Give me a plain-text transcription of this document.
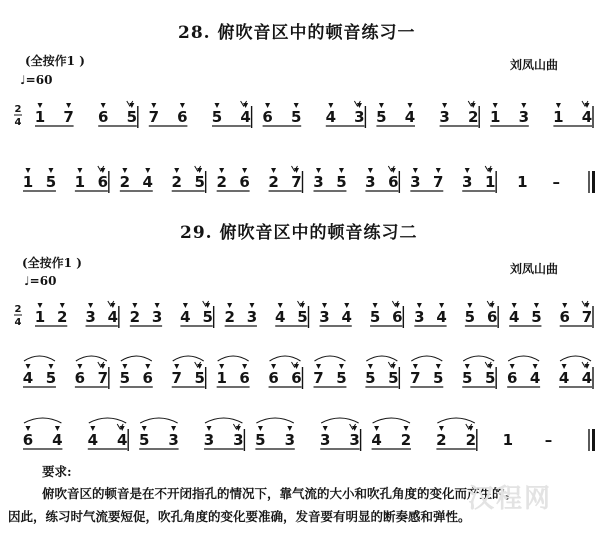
28. 俯吹音区中的顿音练习一
(全按作1 )
♩=60
刘凤山曲
29. 俯吹音区中的顿音练习二
(全按作1 )
♩=60
刘凤山曲
2
4 1 7 6 5 7 6 5 4 6 5 4 3 5 4 3 2 1 3 1 4
1 5 1 6 2 4 2 5 2 6 2 7 3 5 3 6 3 7 3 1 1 –
2
4 1 2 3 4 2 3 4 5 2 3 4 5 3 4 5 6 3 4 5 6 4 5 6 7
4 5 6 7 5 6 7 5 1 6 6 6 7 5 5 5 7 5 5 5 6 4 4 4
6 4 4 4 5 3 3 3 5 3 3 3 4 2 2 2 1 –
要求:
俯吹音区的顿音是在不开闭指孔的情况下，靠气流的大小和吹孔角度的变化而产生的。
因此，练习时气流要短促，吹孔角度的变化要准确，发音要有明显的断奏感和弹性。
汉程网
